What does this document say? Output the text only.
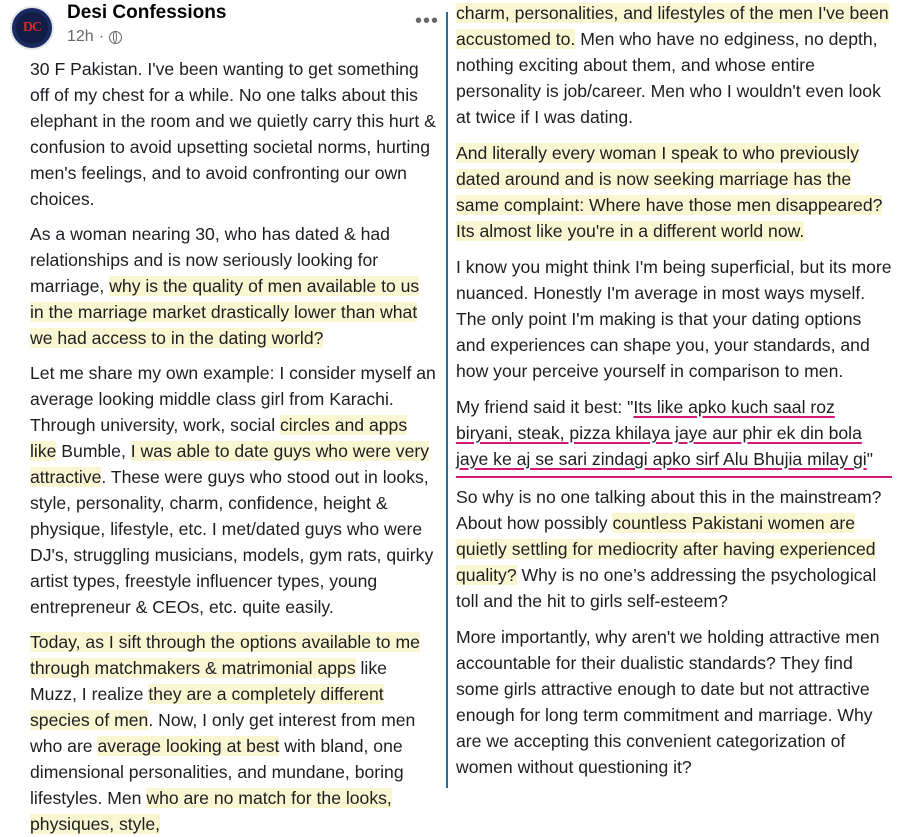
DC
Desi Confessions
12h ·
•••

30 F Pakistan. I've been wanting to get something off of my chest for a while. No one talks about this elephant in the room and we quietly carry this hurt & confusion to avoid upsetting societal norms, hurting men's feelings, and to avoid confronting our own choices.

As a woman nearing 30, who has dated & had relationships and is now seriously looking for marriage, why is the quality of men available to us in the marriage market drastically lower than what we had access to in the dating world?

Let me share my own example: I consider myself an average looking middle class girl from Karachi. Through university, work, social circles and apps like Bumble, I was able to date guys who were very attractive. These were guys who stood out in looks, style, personality, charm, confidence, height & physique, lifestyle, etc. I met/dated guys who were DJ's, struggling musicians, models, gym rats, quirky artist types, freestyle influencer types, young entrepreneur & CEOs, etc. quite easily.

Today, as I sift through the options available to me through matchmakers & matrimonial apps like Muzz, I realize they are a completely different species of men. Now, I only get interest from men who are average looking at best with bland, one dimensional personalities, and mundane, boring lifestyles. Men who are no match for the looks, physiques, style,

charm, personalities, and lifestyles of the men I've been accustomed to. Men who have no edginess, no depth, nothing exciting about them, and whose entire personality is job/career. Men who I wouldn't even look at twice if I was dating.

And literally every woman I speak to who previously dated around and is now seeking marriage has the same complaint: Where have those men disappeared? Its almost like you're in a different world now.

I know you might think I'm being superficial, but its more nuanced. Honestly I'm average in most ways myself. The only point I'm making is that your dating options and experiences can shape you, your standards, and how your perceive yourself in comparison to men.

My friend said it best: "Its like apko kuch saal roz biryani, steak, pizza khilaya jaye aur phir ek din bola jaye ke aj se sari zindagi apko sirf Alu Bhujia milay gi"

So why is no one talking about this in the mainstream? About how possibly countless Pakistani women are quietly settling for mediocrity after having experienced quality? Why is no one’s addressing the psychological toll and the hit to girls self-esteem?

More importantly, why aren't we holding attractive men accountable for their dualistic standards? They find some girls attractive enough to date but not attractive enough for long term commitment and marriage. Why are we accepting this convenient categorization of women without questioning it?
